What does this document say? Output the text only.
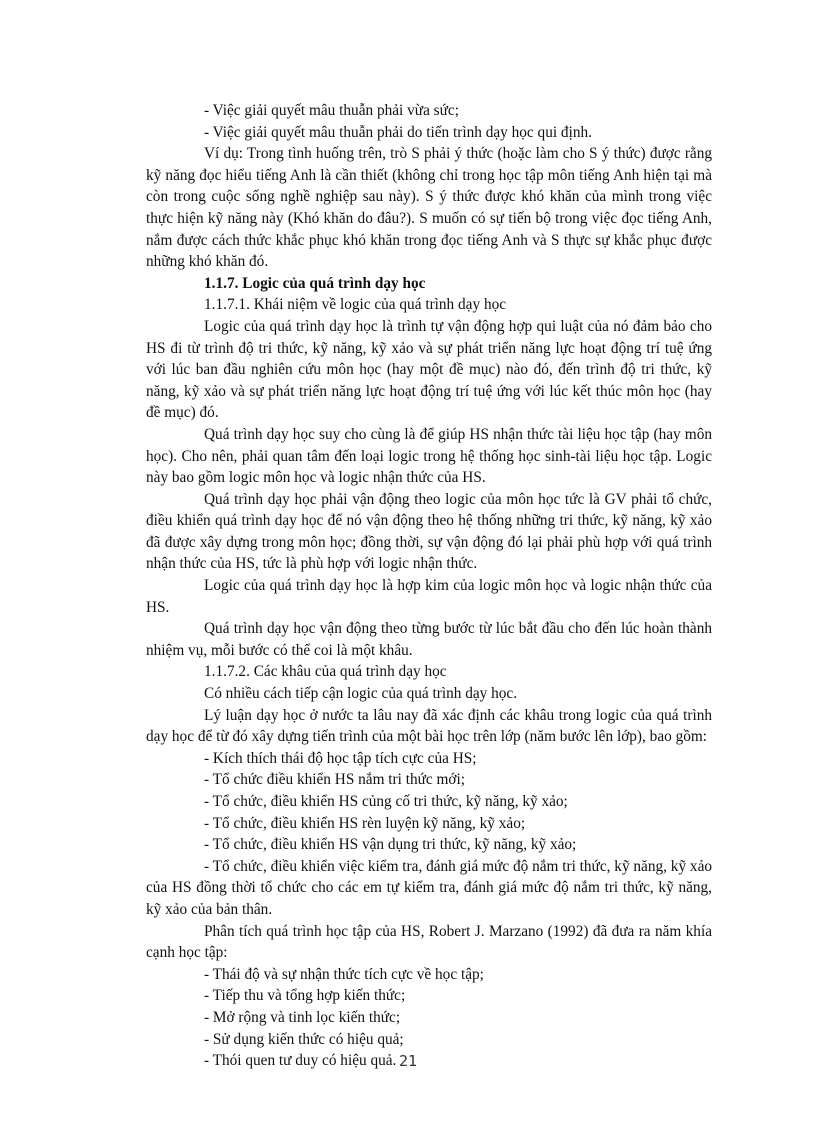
- Việc giải quyết mâu thuẫn phải vừa sức;

- Việc giải quyết mâu thuẫn phải do tiến trình dạy học qui định.

Ví dụ: Trong tình huống trên, trò S phải ý thức (hoặc làm cho S ý thức) được rằng kỹ năng đọc hiểu tiếng Anh là cần thiết (không chỉ trong học tập môn tiếng Anh hiện tại mà còn trong cuộc sống nghề nghiệp sau này). S ý thức được khó khăn của mình trong việc thực hiện kỹ năng này (Khó khăn do đâu?). S muốn có sự tiến bộ trong việc đọc tiếng Anh, nắm được cách thức khắc phục khó khăn trong đọc tiếng Anh và S thực sự khắc phục được những khó khăn đó.

1.1.7. Logic của quá trình dạy học

1.1.7.1. Khái niệm về logic của quá trình dạy học

Logic của quá trình dạy học là trình tự vận động hợp qui luật của nó đảm bảo cho HS đi từ trình độ tri thức, kỹ năng, kỹ xảo và sự phát triển năng lực hoạt động trí tuệ ứng với lúc ban đầu nghiên cứu môn học (hay một đề mục) nào đó, đến trình độ tri thức, kỹ năng, kỹ xảo và sự phát triển năng lực hoạt động trí tuệ ứng với lúc kết thúc môn học (hay đề mục) đó.

Quá trình dạy học suy cho cùng là để giúp HS nhận thức tài liệu học tập (hay môn học). Cho nên, phải quan tâm đến loại logic trong hệ thống học sinh-tài liệu học tập. Logic này bao gồm logic môn học và logic nhận thức của HS.

Quá trình dạy học phải vận động theo logic của môn học tức là GV phải tổ chức, điều khiển quá trình dạy học để nó vận động theo hệ thống những tri thức, kỹ năng, kỹ xảo đã được xây dựng trong môn học; đồng thời, sự vận động đó lại phải phù hợp với quá trình nhận thức của HS, tức là phù hợp với logic nhận thức.

Logic của quá trình dạy học là hợp kim của logic môn học và logic nhận thức của HS.

Quá trình dạy học vận động theo từng bước từ lúc bắt đầu cho đến lúc hoàn thành nhiệm vụ, mỗi bước có thể coi là một khâu.

1.1.7.2. Các khâu của quá trình dạy học

Có nhiều cách tiếp cận logic của quá trình dạy học.

Lý luận dạy học ở nước ta lâu nay đã xác định các khâu trong logic của quá trình dạy học để từ đó xây dựng tiến trình của một bài học trên lớp (năm bước lên lớp), bao gồm:

- Kích thích thái độ học tập tích cực của HS;

- Tổ chức điều khiển HS nắm tri thức mới;

- Tổ chức, điều khiển HS củng cố tri thức, kỹ năng, kỹ xảo;

- Tổ chức, điều khiển HS rèn luyện kỹ năng, kỹ xảo;

- Tổ chức, điều khiển HS vận dụng tri thức, kỹ năng, kỹ xảo;

- Tổ chức, điều khiển việc kiểm tra, đánh giá mức độ nắm tri thức, kỹ năng, kỹ xảo của HS đồng thời tổ chức cho các em tự kiểm tra, đánh giá mức độ nắm tri thức, kỹ năng, kỹ xảo của bản thân.

Phân tích quá trình học tập của HS, Robert J. Marzano (1992) đã đưa ra năm khía cạnh học tập:

- Thái độ và sự nhận thức tích cực về học tập;

- Tiếp thu và tổng hợp kiến thức;

- Mở rộng và tinh lọc kiến thức;

- Sử dụng kiến thức có hiệu quả;

- Thói quen tư duy có hiệu quả. 21
